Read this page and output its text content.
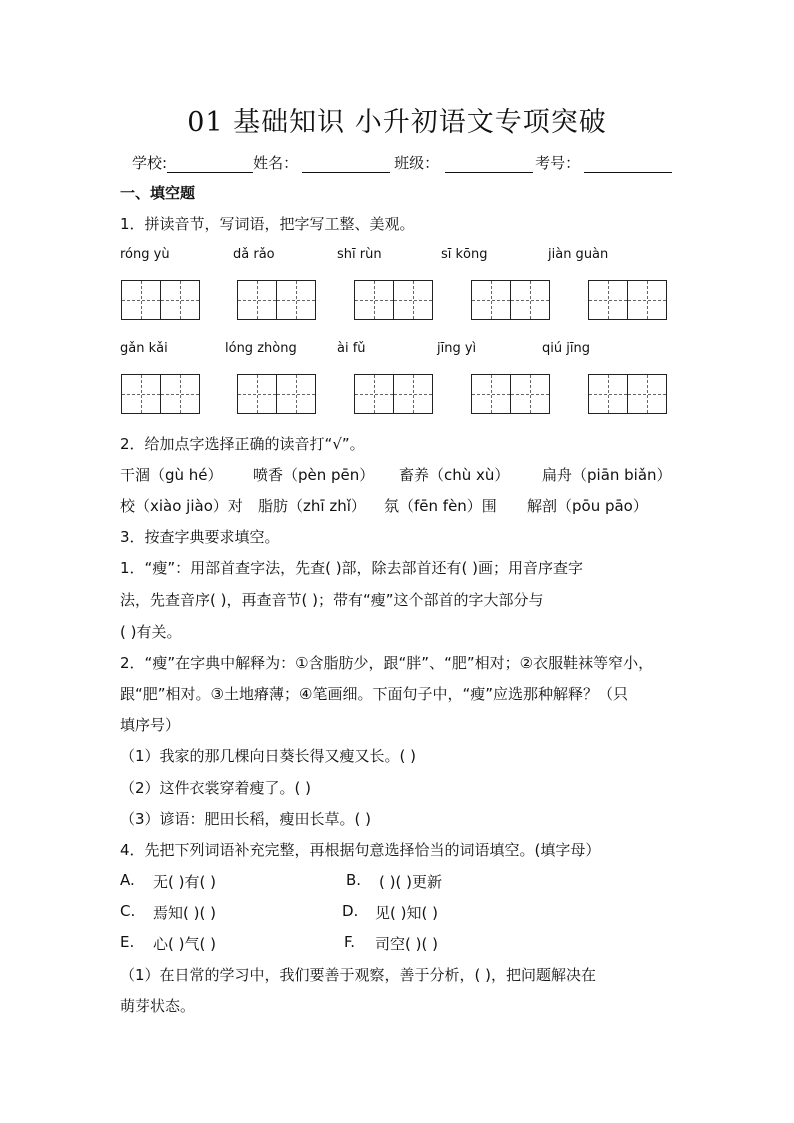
01 基础知识 小升初语文专项突破
学校:	姓名：	班级：	考号：
一、填空题
1．拼读音节，写词语，把字写工整、美观。
róng yù	dǎ rǎo	shī rùn	sī kōng	jiàn guàn
gǎn kǎi	lóng zhòng	ài fǔ	jīng yì	qiú jīng
2．给加点字选择正确的读音打“√”。
干涸（gù hé） 喷香（pèn pēn） 畜养（chù xù） 扁舟（piān biǎn）
校（xiào jiào）对 脂肪（zhī zhǐ） 氛（fēn fèn）围 解剖（pōu pāo）
3．按查字典要求填空。
1．“瘦”：用部首查字法，先查( )部，除去部首还有( )画；用音序查字
法，先查音序( )，再查音节( )；带有“瘦”这个部首的字大部分与
( )有关。
2．“瘦”在字典中解释为：①含脂肪少，跟“胖”、“肥”相对；②衣服鞋袜等窄小，
跟“肥”相对。③土地瘠薄；④笔画细。下面句子中，“瘦”应选那种解释？（只
填序号）
（1）我家的那几棵向日葵长得又瘦又长。( )
（2）这件衣裳穿着瘦了。( )
（3）谚语：肥田长稻，瘦田长草。( )
4．先把下列词语补充完整，再根据句意选择恰当的词语填空。(填字母）
A. 无( )有( )	B. ( )( )更新
C. 焉知( )( )	D. 见( )知( )
E. 心( )气( )	F. 司空( )( )
（1）在日常的学习中，我们要善于观察，善于分析，( )，把问题解决在
萌芽状态。
